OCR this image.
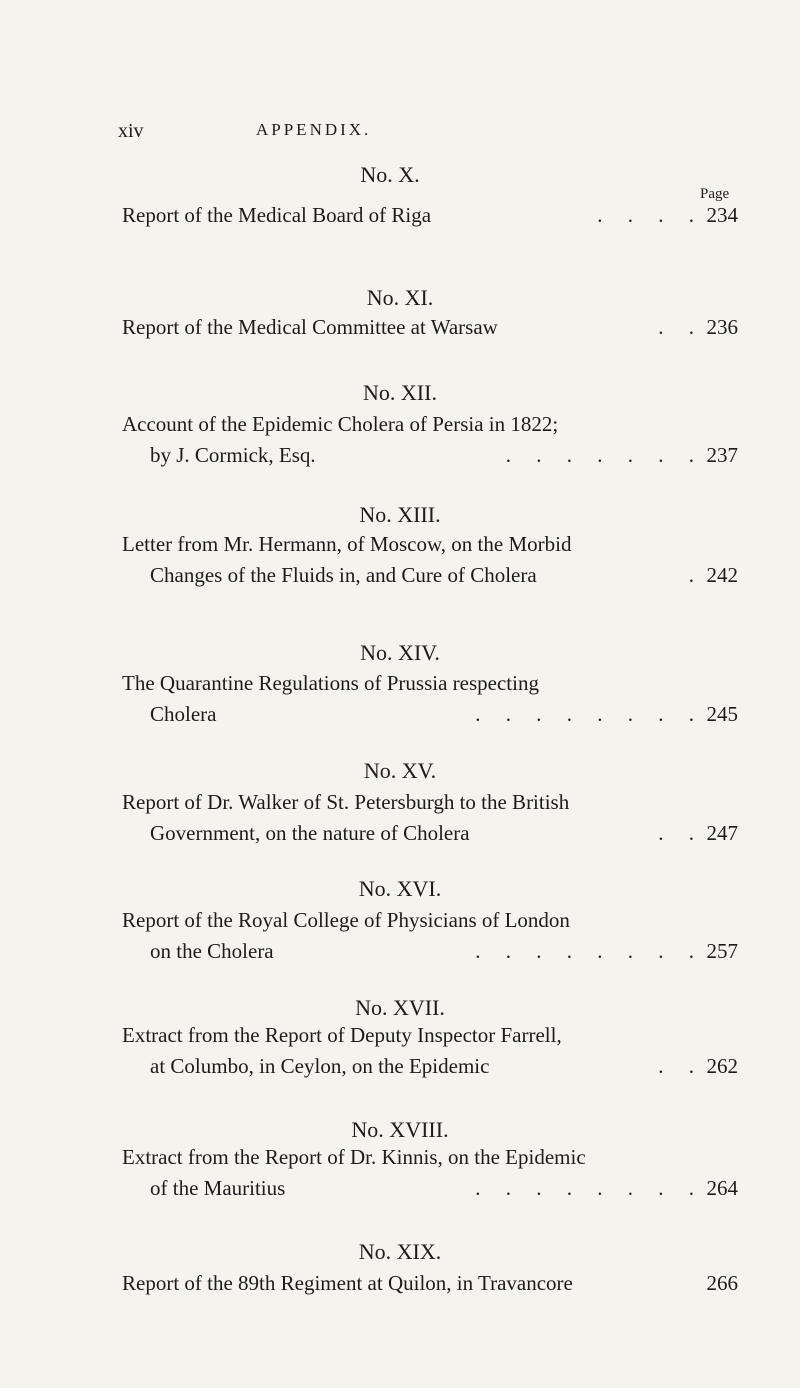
xiv	APPENDIX.
Page
No. X.
Report of the Medical Board of Riga	. . . . 234
No. XI.
Report of the Medical Committee at Warsaw	. . 236
No. XII.
Account of the Epidemic Cholera of Persia in 1822;
by J. Cormick, Esq.	. . . . . . . 237
No. XIII.
Letter from Mr. Hermann, of Moscow, on the Morbid
Changes of the Fluids in, and Cure of Cholera	. 242
No. XIV.
The Quarantine Regulations of Prussia respecting
Cholera	. . . . . . . . 245
No. XV.
Report of Dr. Walker of St. Petersburgh to the British
Government, on the nature of Cholera	. . 247
No. XVI.
Report of the Royal College of Physicians of London
on the Cholera	. . . . . . . . 257
No. XVII.
Extract from the Report of Deputy Inspector Farrell,
at Columbo, in Ceylon, on the Epidemic	. . 262
No. XVIII.
Extract from the Report of Dr. Kinnis, on the Epidemic
of the Mauritius	. . . . . . . . 264
No. XIX.
Report of the 89th Regiment at Quilon, in Travancore	266
